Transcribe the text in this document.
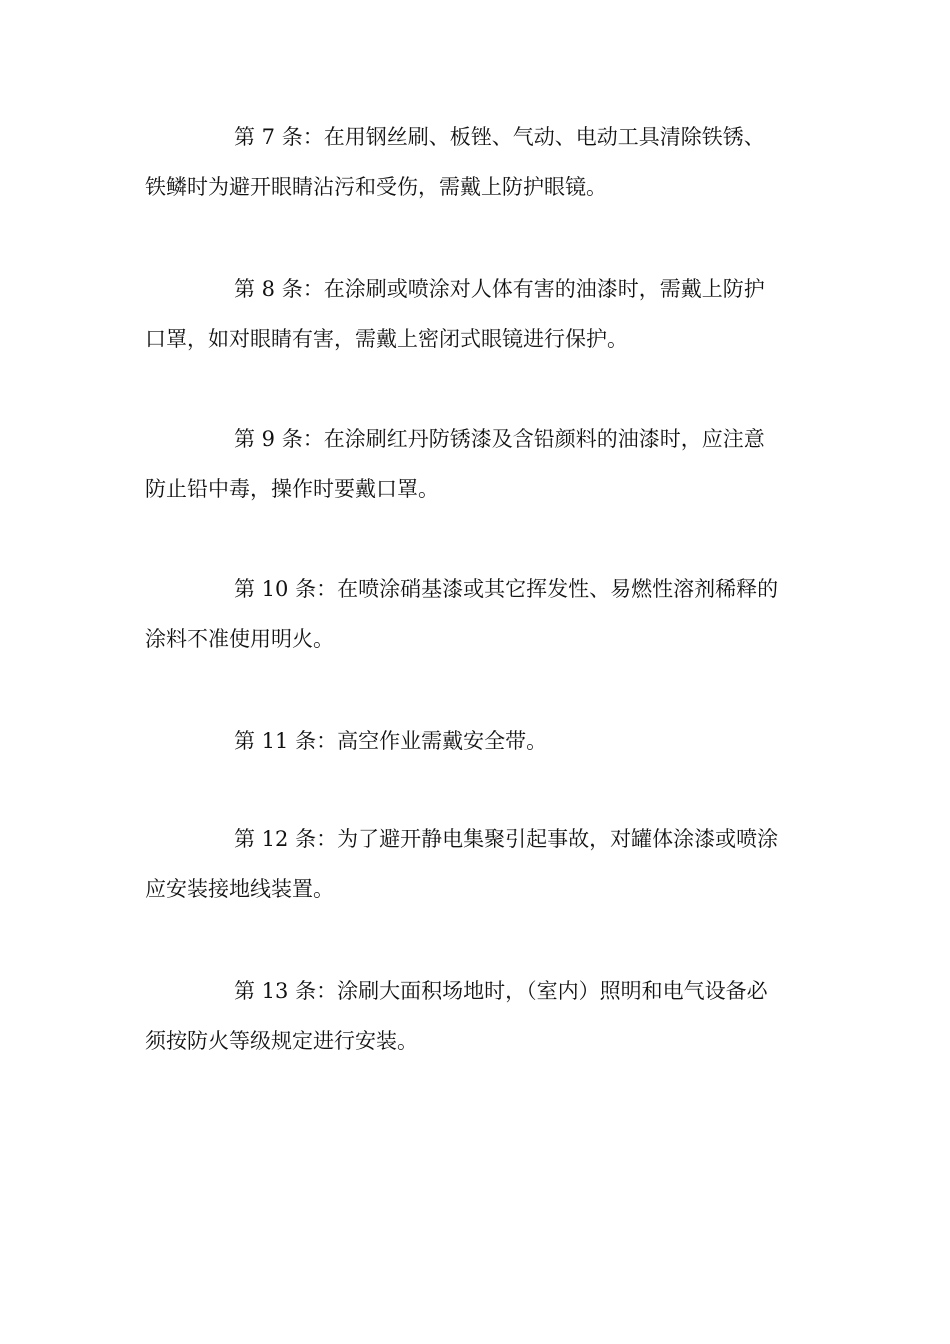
第 7 条：在用钢丝刷、板锉、气动、电动工具清除铁锈、
铁鳞时为避开眼睛沾污和受伤，需戴上防护眼镜。

第 8 条：在涂刷或喷涂对人体有害的油漆时，需戴上防护
口罩，如对眼睛有害，需戴上密闭式眼镜进行保护。

第 9 条：在涂刷红丹防锈漆及含铅颜料的油漆时，应注意
防止铅中毒，操作时要戴口罩。

第 10 条：在喷涂硝基漆或其它挥发性、易燃性溶剂稀释的
涂料不准使用明火。

第 11 条：高空作业需戴安全带。

第 12 条：为了避开静电集聚引起事故，对罐体涂漆或喷涂
应安装接地线装置。

第 13 条：涂刷大面积场地时，（室内）照明和电气设备必
须按防火等级规定进行安装。
